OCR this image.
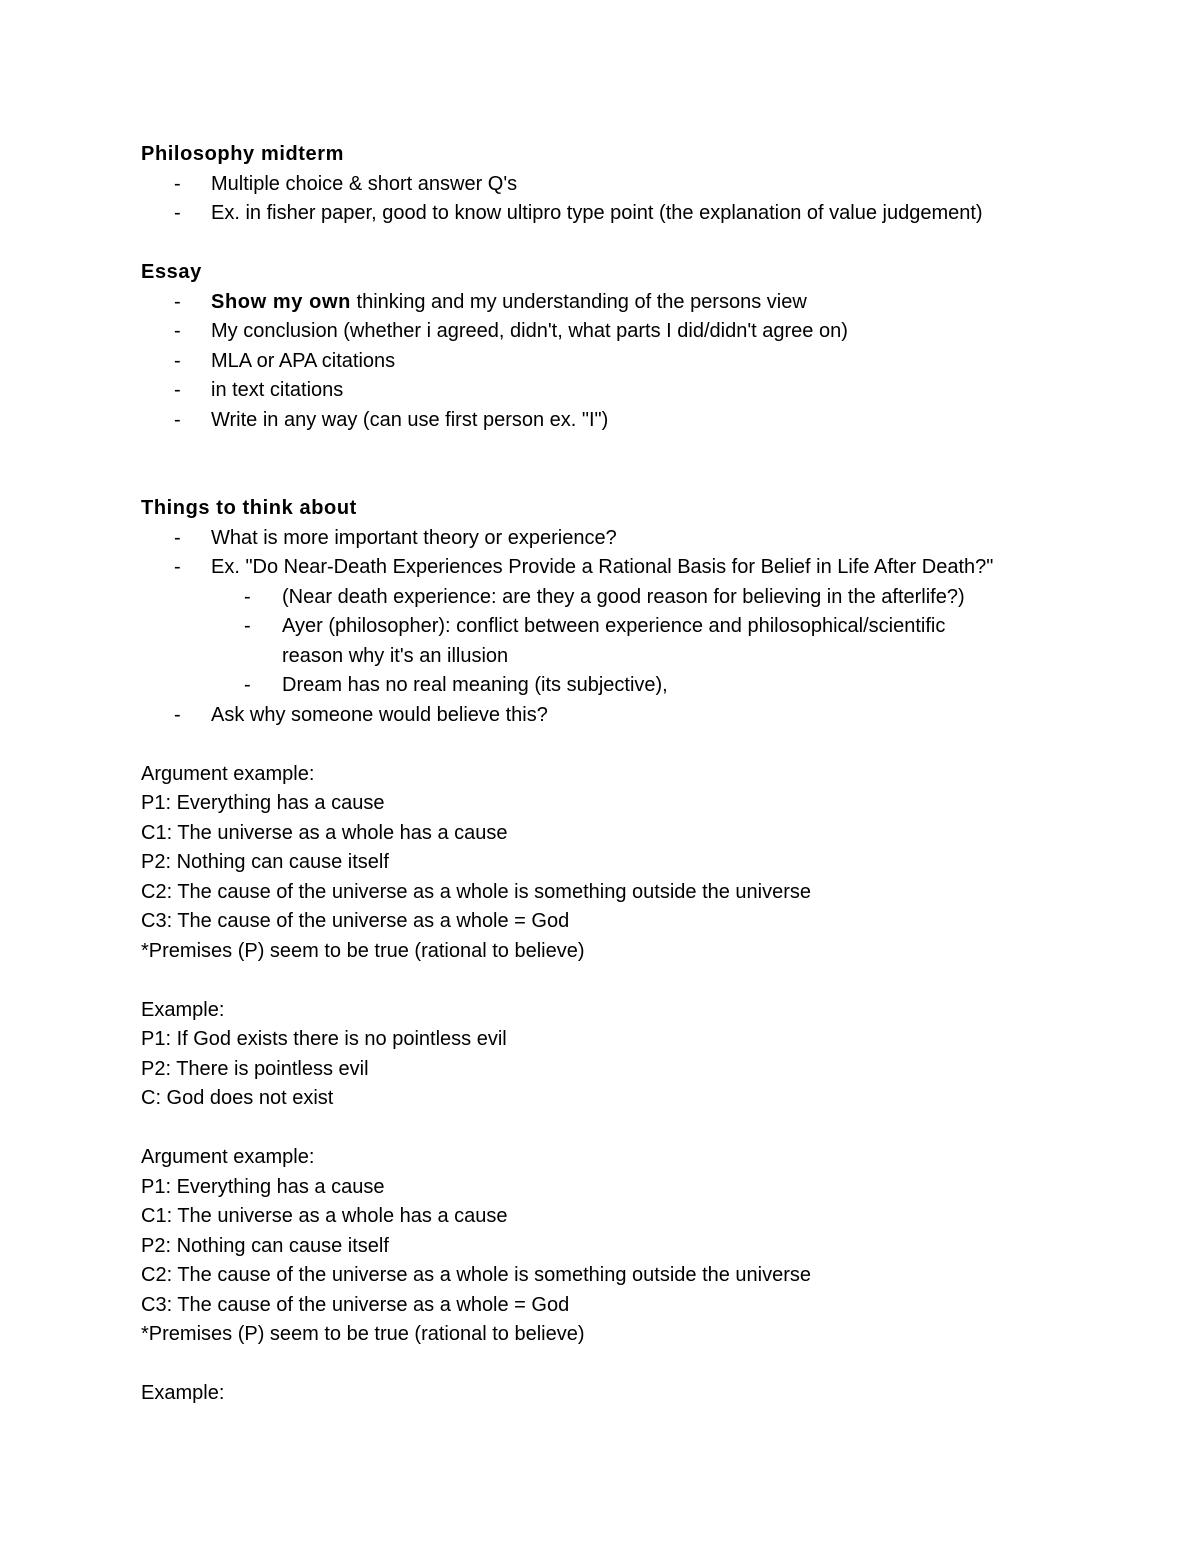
Philosophy midterm
- Multiple choice & short answer Q's
- Ex. in fisher paper, good to know ultipro type point (the explanation of value judgement)
Essay
- Show my own thinking and my understanding of the persons view
- My conclusion (whether i agreed, didn't, what parts I did/didn't agree on)
- MLA or APA citations
- in text citations
- Write in any way (can use first person ex. "I")
Things to think about
- What is more important theory or experience?
- Ex. "Do Near-Death Experiences Provide a Rational Basis for Belief in Life After Death?"
- (Near death experience: are they a good reason for believing in the afterlife?)
- Ayer (philosopher): conflict between experience and philosophical/scientific reason why it's an illusion
- Dream has no real meaning (its subjective),
- Ask why someone would believe this?
Argument example:
P1: Everything has a cause
C1: The universe as a whole has a cause
P2: Nothing can cause itself
C2: The cause of the universe as a whole is something outside the universe
C3: The cause of the universe as a whole = God
*Premises (P) seem to be true (rational to believe)
Example:
P1: If God exists there is no pointless evil
P2: There is pointless evil
C: God does not exist
Argument example:
P1: Everything has a cause
C1: The universe as a whole has a cause
P2: Nothing can cause itself
C2: The cause of the universe as a whole is something outside the universe
C3: The cause of the universe as a whole = God
*Premises (P) seem to be true (rational to believe)
Example:
